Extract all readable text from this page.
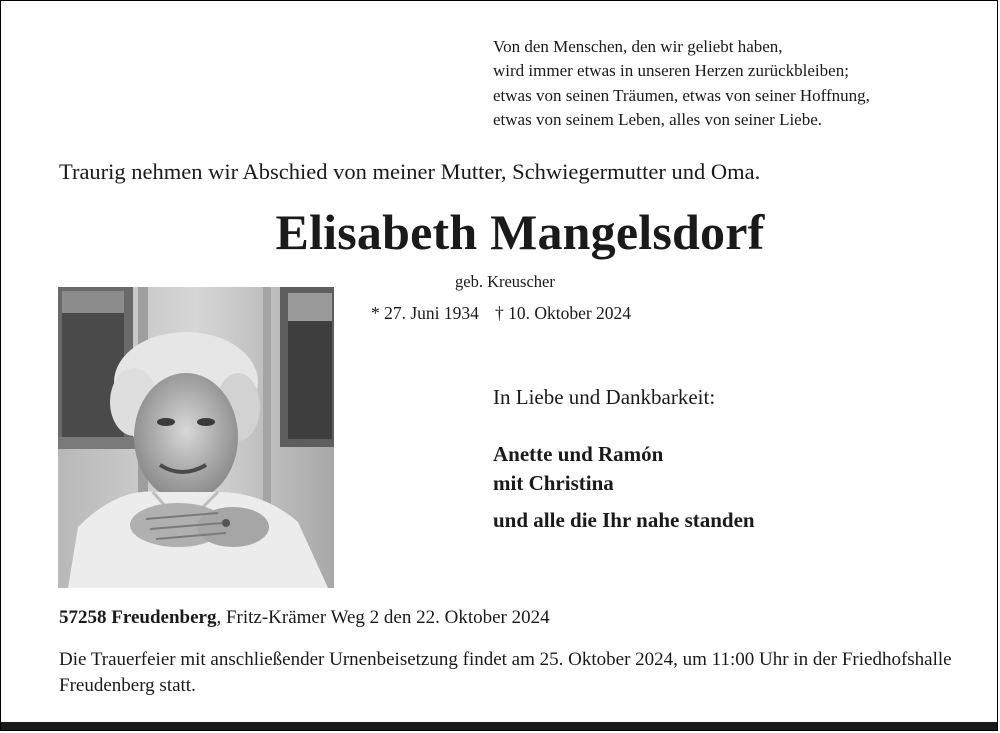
Von den Menschen, den wir geliebt haben,
wird immer etwas in unseren Herzen zurückbleiben;
etwas von seinen Träumen, etwas von seiner Hoffnung,
etwas von seinem Leben, alles von seiner Liebe.
Traurig nehmen wir Abschied von meiner Mutter, Schwiegermutter und Oma.
Elisabeth Mangelsdorf
geb. Kreuscher
* 27. Juni 1934 † 10. Oktober 2024
In Liebe und Dankbarkeit:
Anette und Ramón
mit Christina
und alle die Ihr nahe standen
57258 Freudenberg, Fritz-Krämer Weg 2 den 22. Oktober 2024
Die Trauerfeier mit anschließender Urnenbeisetzung findet am 25. Oktober 2024, um 11:00 Uhr in der Friedhofshalle Freudenberg statt.
